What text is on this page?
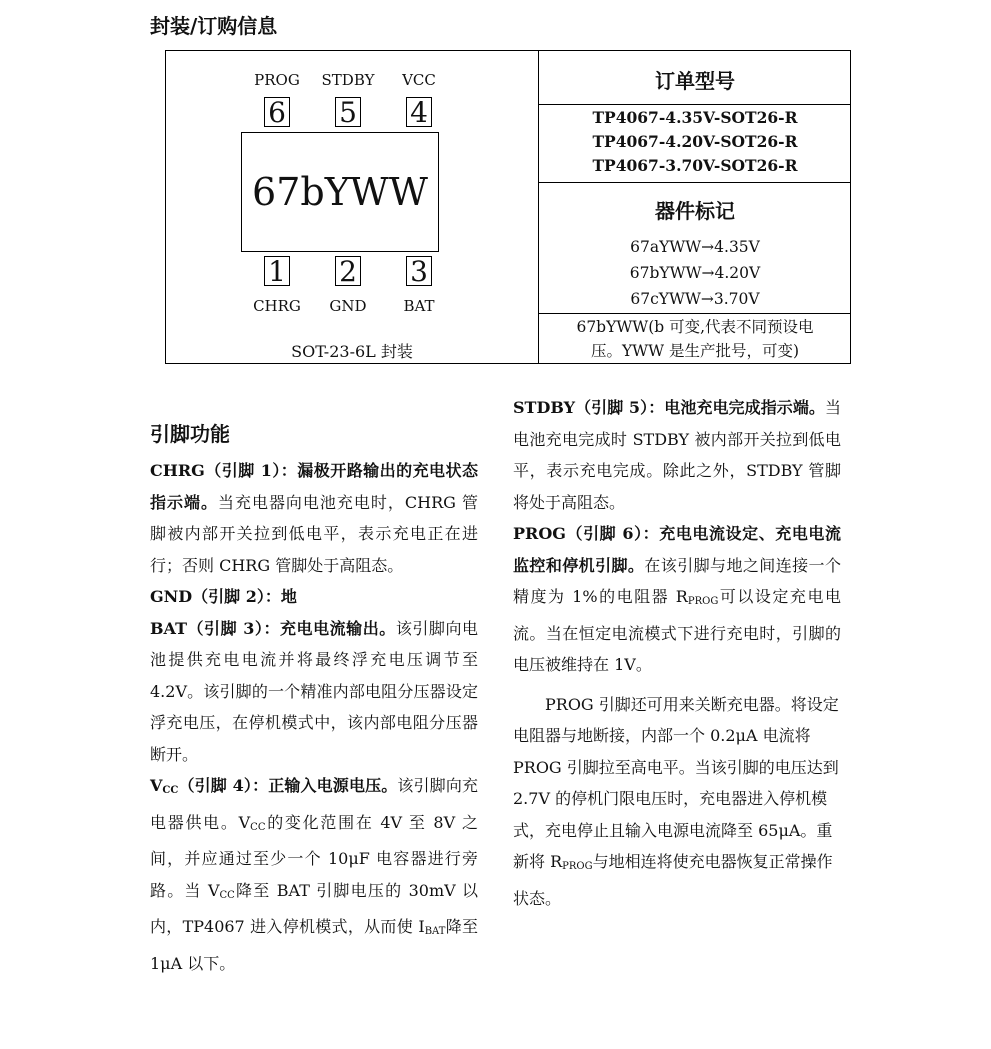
封装/订购信息
PROG	STDBY	VCC
6 5 4
67bYWW
1 2 3
CHRG	GND	BAT
SOT-23-6L 封装
订单型号
TP4067-4.35V-SOT26-R
TP4067-4.20V-SOT26-R
TP4067-3.70V-SOT26-R
器件标记
67aYWW→4.35V
67bYWW→4.20V
67cYWW→3.70V
67bYWW(b 可变,代表不同预设电
压。YWW 是生产批号，可变)
引脚功能

CHRG（引脚 1）：漏极开路输出的充电状态指示端。当充电器向电池充电时，CHRG 管脚被内部开关拉到低电平，表示充电正在进行；否则 CHRG 管脚处于高阻态。

GND（引脚 2）：地

BAT（引脚 3）：充电电流输出。该引脚向电池提供充电电流并将最终浮充电压调节至 4.2V。该引脚的一个精准内部电阻分压器设定浮充电压，在停机模式中，该内部电阻分压器断开。

$V_{CC}$（引脚 4）：正输入电源电压。该引脚向充电器供电。$V_{CC}$的变化范围在 4V 至 8V 之间，并应通过至少一个 10μF 电容器进行旁路。当 $V_{CC}$降至 BAT 引脚电压的 30mV 以内，TP4067 进入停机模式，从而使 $I_{BAT}$降至 1μA 以下。

STDBY（引脚 5）：电池充电完成指示端。当电池充电完成时 STDBY 被内部开关拉到低电平，表示充电完成。除此之外，STDBY 管脚将处于高阻态。

PROG（引脚 6）：充电电流设定、充电电流监控和停机引脚。在该引脚与地之间连接一个精度为 1%的电阻器 $R_{PROG}$可以设定充电电流。当在恒定电流模式下进行充电时，引脚的电压被维持在 1V。

PROG 引脚还可用来关断充电器。将设定电阻器与地断接，内部一个 0.2μA 电流将 PROG 引脚拉至高电平。当该引脚的电压达到 2.7V 的停机门限电压时，充电器进入停机模式，充电停止且输入电源电流降至 65μA。重新将 $R_{PROG}$与地相连将使充电器恢复正常操作状态。
